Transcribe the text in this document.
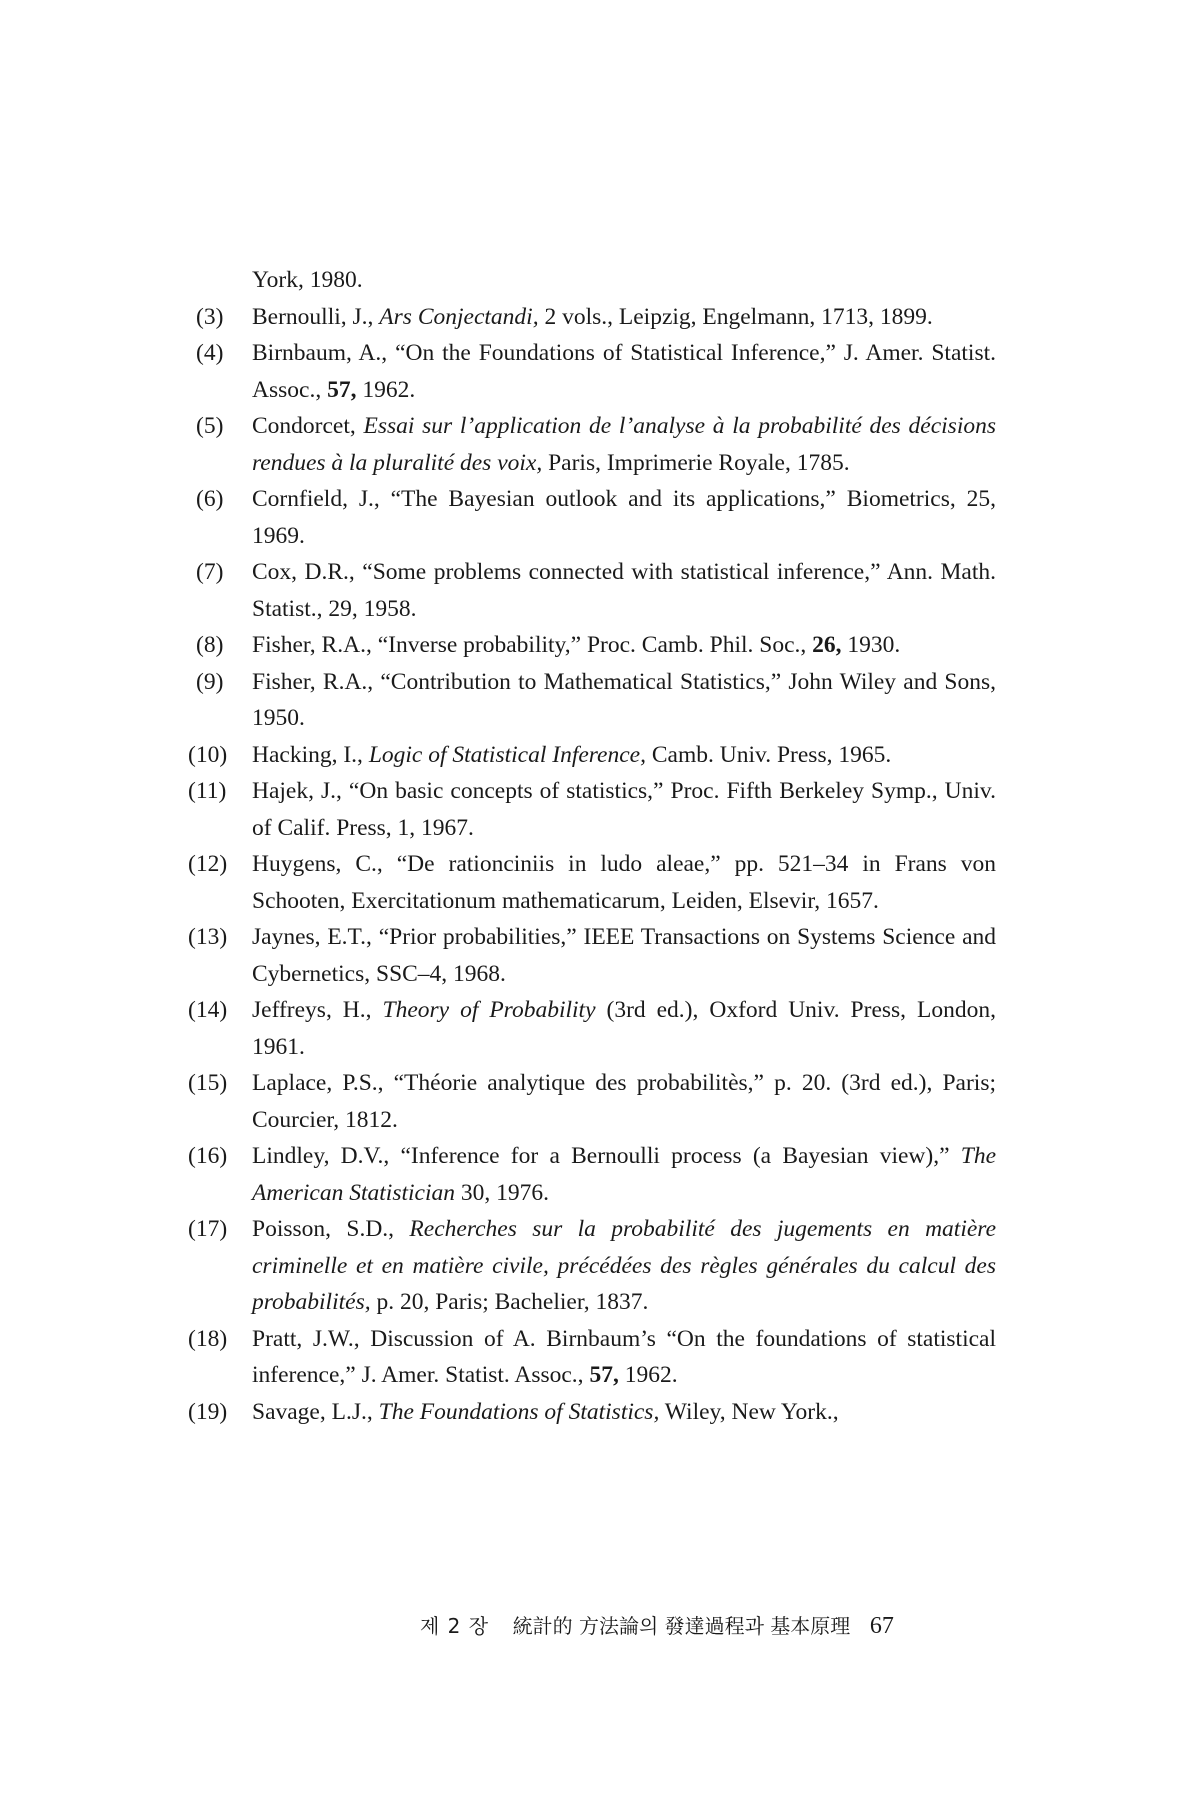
York, 1980.
(3) Bernoulli, J., Ars Conjectandi, 2 vols., Leipzig, Engelmann, 1713, 1899.
(4) Birnbaum, A., “On the Foundations of Statistical Inference,” J. Amer. Statist. Assoc., 57, 1962.
(5) Condorcet, Essai sur l’application de l’analyse à la probabilité des décisions rendues à la pluralité des voix, Paris, Imprimerie Royale, 1785.
(6) Cornfield, J., “The Bayesian outlook and its applications,” Biometrics, 25, 1969.
(7) Cox, D.R., “Some problems connected with statistical inference,” Ann. Math. Statist., 29, 1958.
(8) Fisher, R.A., “Inverse probability,” Proc. Camb. Phil. Soc., 26, 1930.
(9) Fisher, R.A., “Contribution to Mathematical Statistics,” John Wiley and Sons, 1950.
(10) Hacking, I., Logic of Statistical Inference, Camb. Univ. Press, 1965.
(11) Hajek, J., “On basic concepts of statistics,” Proc. Fifth Berkeley Symp., Univ. of Calif. Press, 1, 1967.
(12) Huygens, C., “De rationciniis in ludo aleae,” pp. 521–34 in Frans von Schooten, Exercitationum mathematicarum, Leiden, Elsevir, 1657.
(13) Jaynes, E.T., “Prior probabilities,” IEEE Transactions on Systems Science and Cybernetics, SSC–4, 1968.
(14) Jeffreys, H., Theory of Probability (3rd ed.), Oxford Univ. Press, London, 1961.
(15) Laplace, P.S., “Théorie analytique des probabilitès,” p. 20. (3rd ed.), Paris; Courcier, 1812.
(16) Lindley, D.V., “Inference for a Bernoulli process (a Bayesian view),” The American Statistician 30, 1976.
(17) Poisson, S.D., Recherches sur la probabilité des jugements en matière criminelle et en matière civile, précédées des règles générales du calcul des probabilités, p. 20, Paris; Bachelier, 1837.
(18) Pratt, J.W., Discussion of A. Birnbaum’s “On the foundations of statistical inference,” J. Amer. Statist. Assoc., 57, 1962.
(19) Savage, L.J., The Foundations of Statistics, Wiley, New York.,
제 2 장 統計的 方法論의 發達過程과 基本原理 67
